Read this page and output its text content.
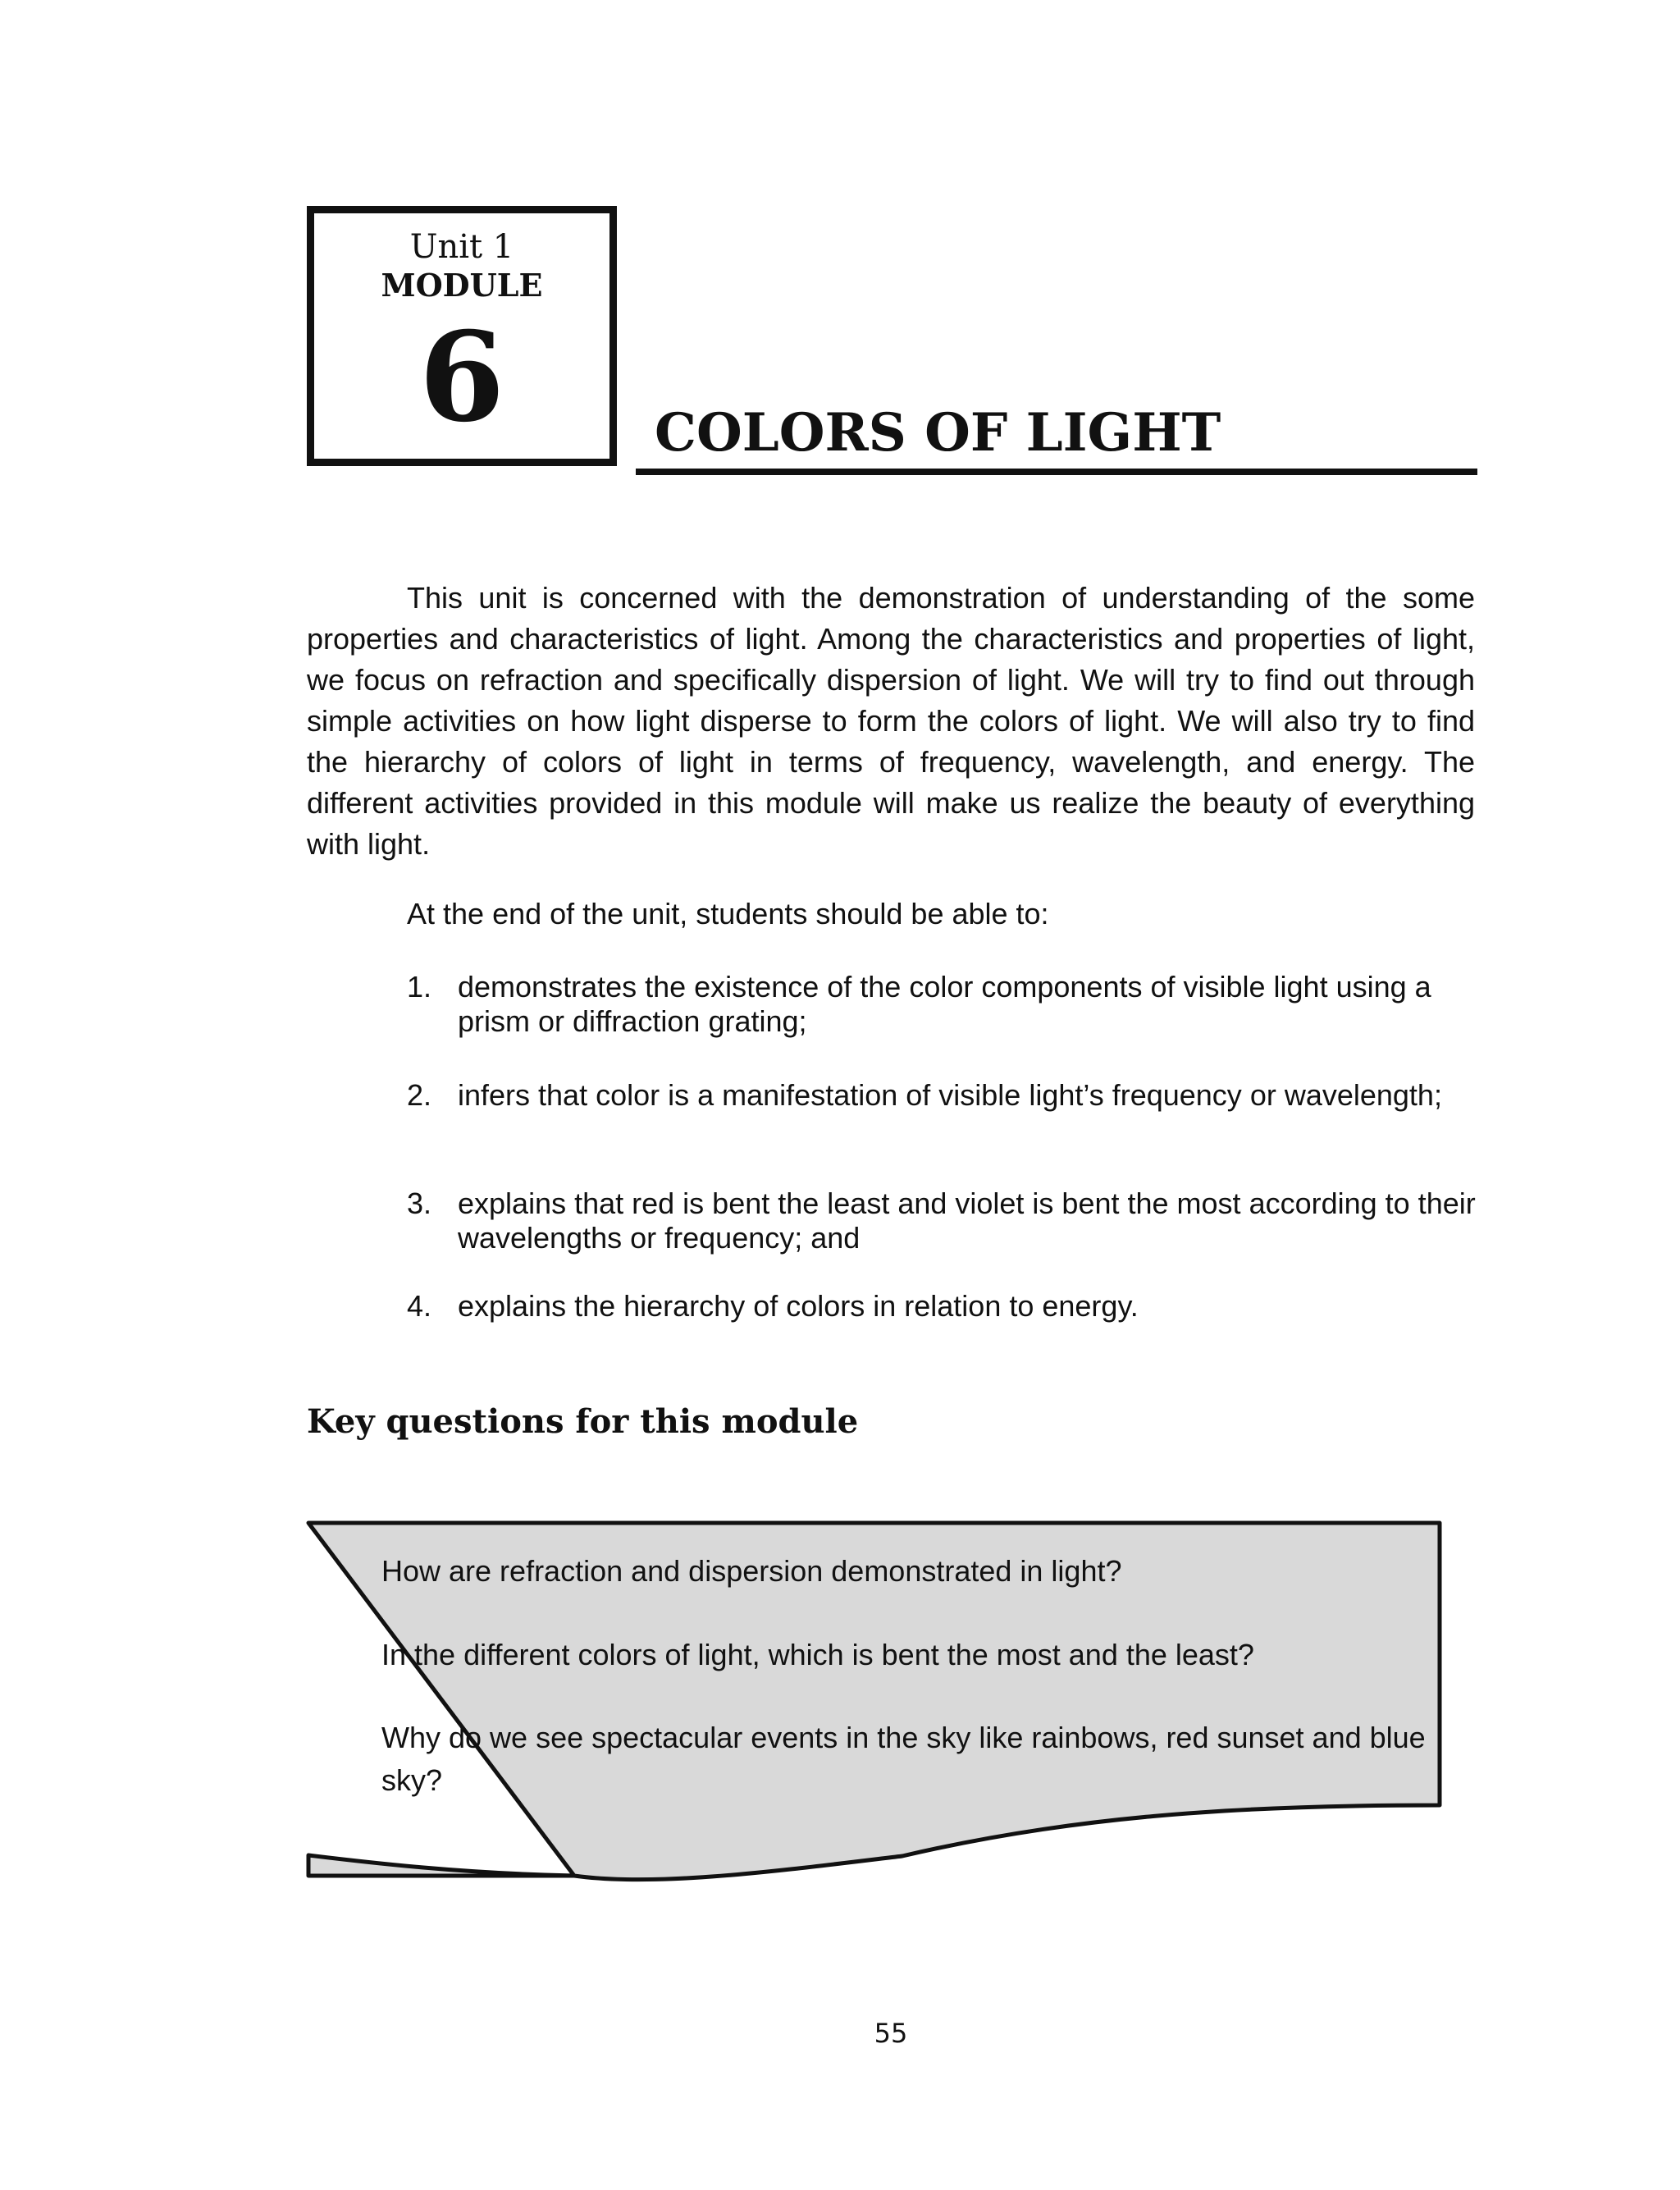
Unit 1
MODULE
6	COLORS OF LIGHT

This unit is concerned with the demonstration of understanding of the some properties and characteristics of light. Among the characteristics and properties of light, we focus on refraction and specifically dispersion of light. We will try to find out through simple activities on how light disperse to form the colors of light. We will also try to find the hierarchy of colors of light in terms of frequency, wavelength, and energy. The different activities provided in this module will make us realize the beauty of everything with light.

At the end of the unit, students should be able to:

1. demonstrates the existence of the color components of visible light using a prism or diffraction grating;
2. infers that color is a manifestation of visible light’s frequency or wavelength;
3. explains that red is bent the least and violet is bent the most according to their wavelengths or frequency; and
4. explains the hierarchy of colors in relation to energy.
Key questions for this module
How are refraction and dispersion demonstrated in light?
In the different colors of light, which is bent the most and the least?
Why do we see spectacular events in the sky like rainbows, red sunset and blue sky?
55
